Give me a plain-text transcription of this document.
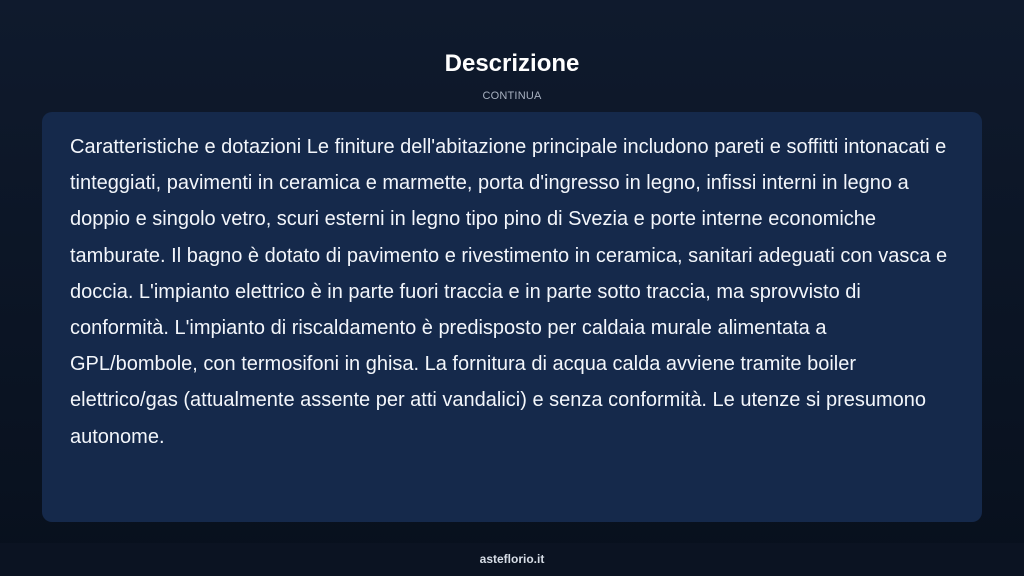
Descrizione
CONTINUA

Caratteristiche e dotazioni Le finiture dell'abitazione principale includono pareti e soffitti intonacati e tinteggiati, pavimenti in ceramica e marmette, porta d'ingresso in legno, infissi interni in legno a doppio e singolo vetro, scuri esterni in legno tipo pino di Svezia e porte interne economiche tamburate. Il bagno è dotato di pavimento e rivestimento in ceramica, sanitari adeguati con vasca e doccia. L'impianto elettrico è in parte fuori traccia e in parte sotto traccia, ma sprovvisto di conformità. L'impianto di riscaldamento è predisposto per caldaia murale alimentata a GPL/bombole, con termosifoni in ghisa. La fornitura di acqua calda avviene tramite boiler elettrico/gas (attualmente assente per atti vandalici) e senza conformità. Le utenze si presumono autonome.

asteflorio.it
